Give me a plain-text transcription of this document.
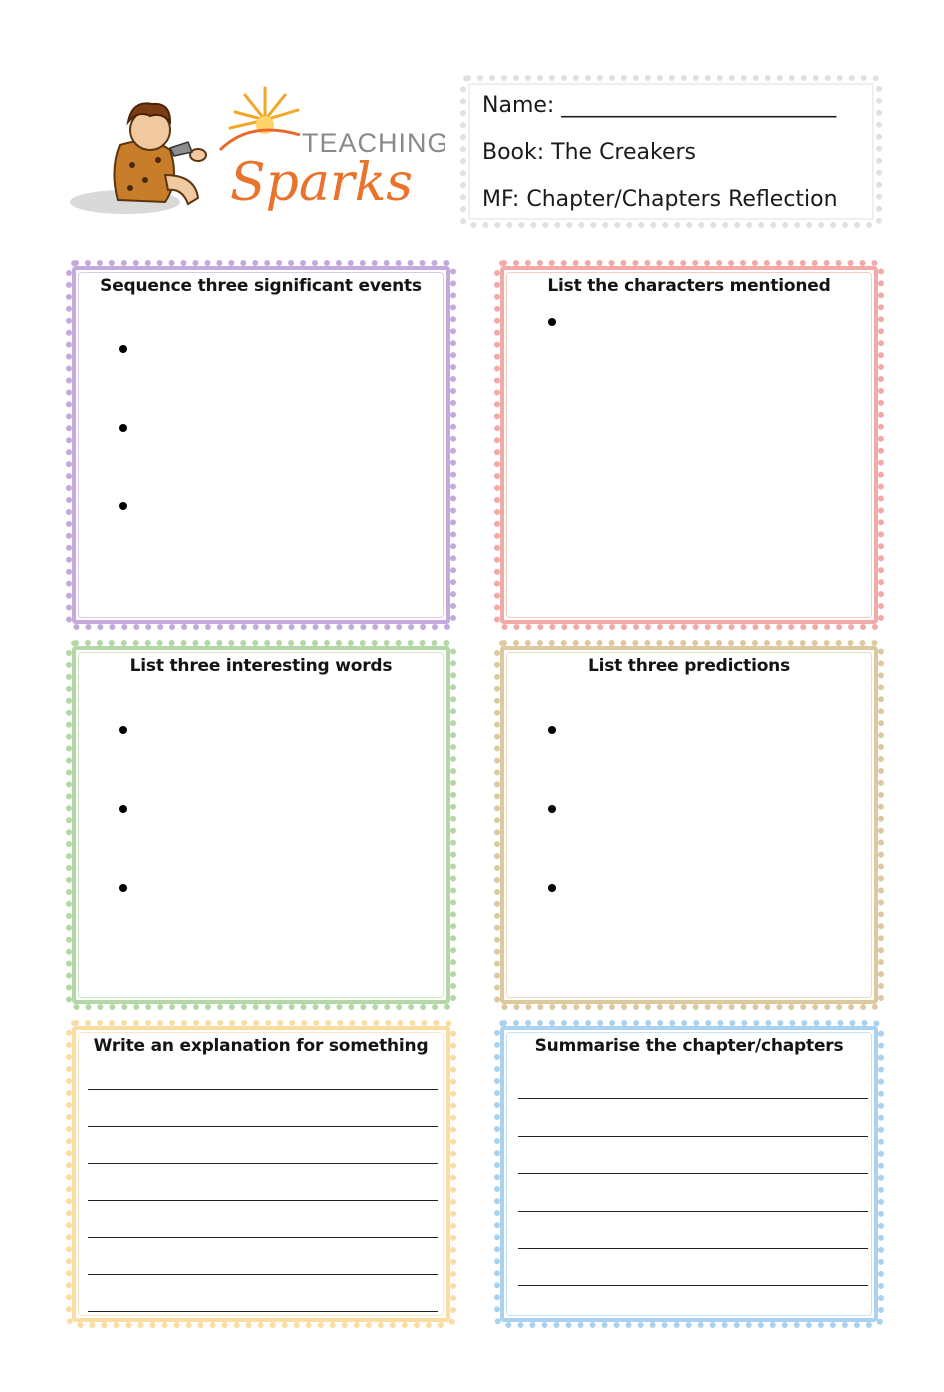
TEACHING
Sparks
Name: _________________________
Book: The Creakers
MF: Chapter/Chapters Reflection
Sequence three significant events	List the characters mentioned
List three interesting words	List three predictions
Write an explanation for something	Summarise the chapter/chapters
